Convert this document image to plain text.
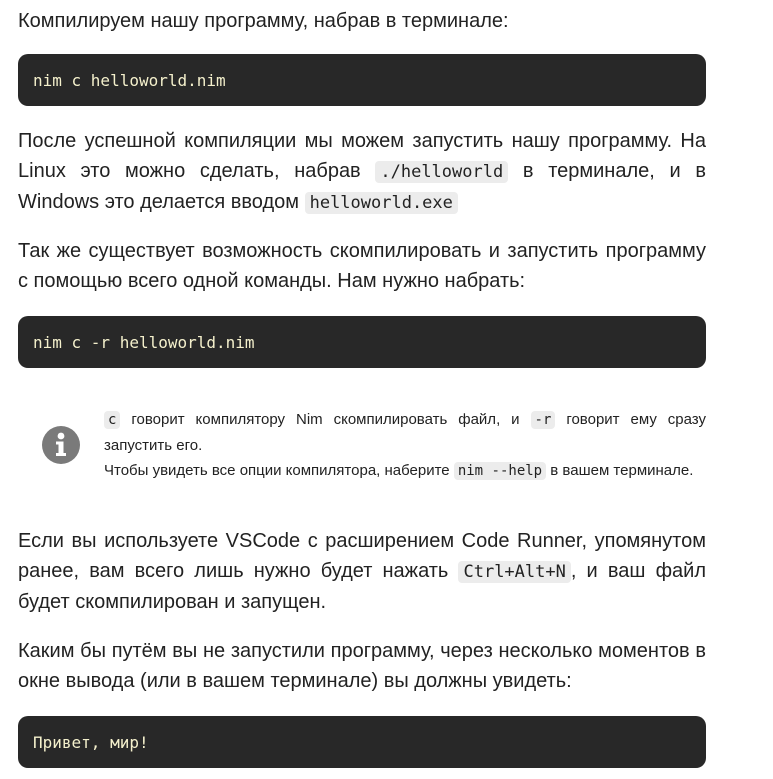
Компилируем нашу программу, набрав в терминале:

nim c helloworld.nim

После успешной компиляции мы можем запустить нашу программу. На Linux это можно сделать, набрав ./helloworld в терминале, и в Windows это делается вводом helloworld.exe

Так же существует возможность скомпилировать и запустить программу с помощью всего одной команды. Нам нужно набрать:

nim c -r helloworld.nim
c говорит компилятору Nim скомпилировать файл, и -r говорит ему сразу запустить его.
Чтобы увидеть все опции компилятора, наберите nim --help в вашем терминале.

Если вы используете VSCode с расширением Code Runner, упомянутом ранее, вам всего лишь нужно будет нажать Ctrl+Alt+N , и ваш файл будет скомпилирован и запущен.

Каким бы путём вы не запустили программу, через несколько моментов в окне вывода (или в вашем терминале) вы должны увидеть:

Привет, мир!
